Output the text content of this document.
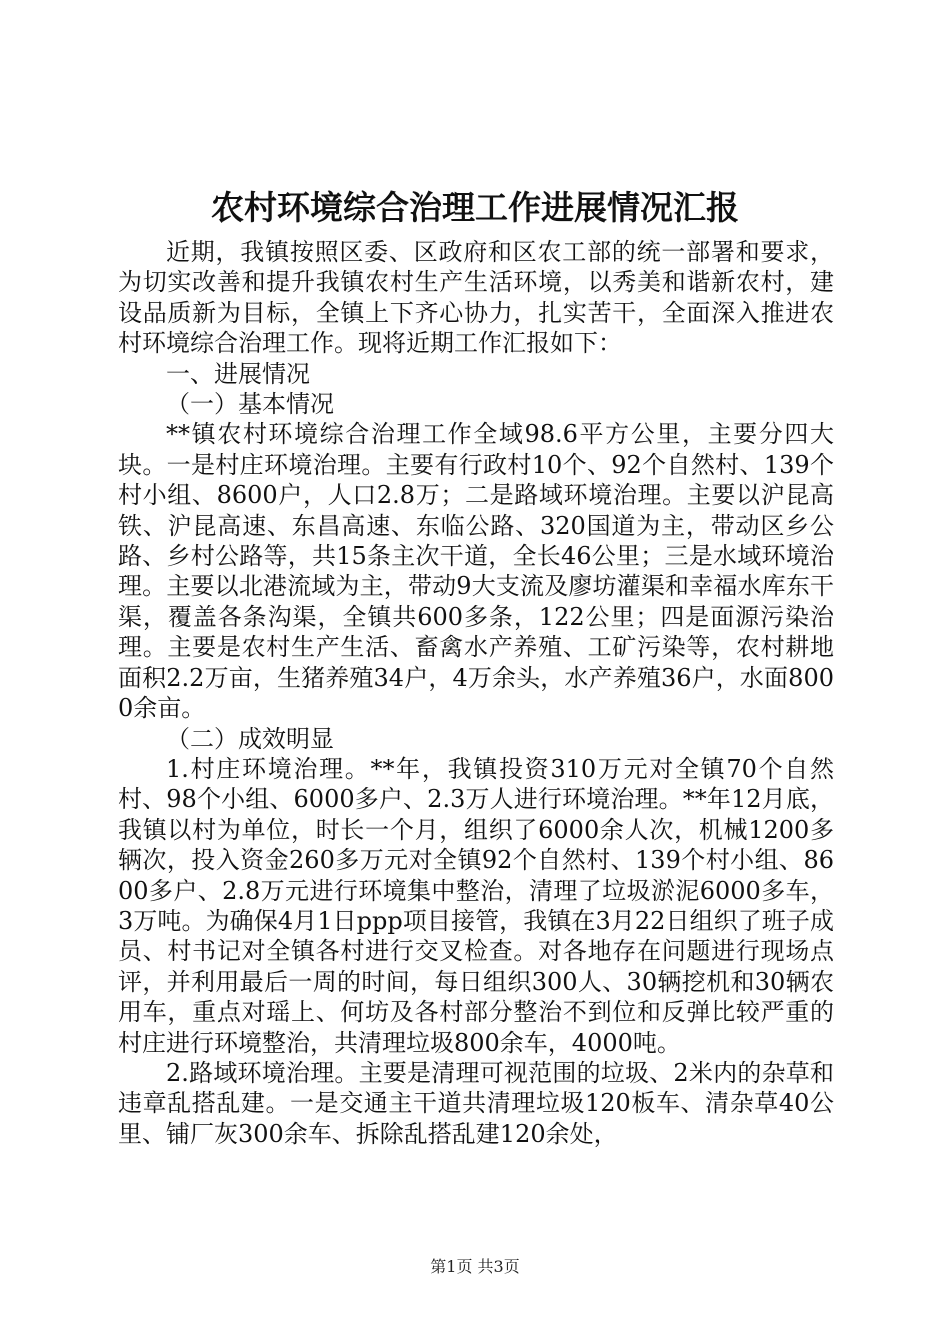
农村环境综合治理工作进展情况汇报

近期，我镇按照区委、区政府和区农工部的统一部署和要求，为切实改善和提升我镇农村生产生活环境，以秀美和谐新农村，建设品质新为目标，全镇上下齐心协力，扎实苦干，全面深入推进农村环境综合治理工作。现将近期工作汇报如下：

一、进展情况

（一）基本情况

**镇农村环境综合治理工作全域98.6平方公里，主要分四大块。一是村庄环境治理。主要有行政村10个、92个自然村、139个村小组、8600户，人口2.8万；二是路域环境治理。主要以沪昆高铁、沪昆高速、东昌高速、东临公路、320国道为主，带动区乡公路、乡村公路等，共15条主次干道，全长46公里；三是水域环境治理。主要以北港流域为主，带动9大支流及廖坊灌渠和幸福水库东干渠，覆盖各条沟渠，全镇共600多条，122公里；四是面源污染治理。主要是农村生产生活、畜禽水产养殖、工矿污染等，农村耕地面积2.2万亩，生猪养殖34户，4万余头，水产养殖36户，水面8000余亩。

（二）成效明显

1.村庄环境治理。**年，我镇投资310万元对全镇70个自然村、98个小组、6000多户、2.3万人进行环境治理。**年12月底，我镇以村为单位，时长一个月，组织了6000余人次，机械1200多辆次，投入资金260多万元对全镇92个自然村、139个村小组、8600多户、2.8万元进行环境集中整治，清理了垃圾淤泥6000多车，3万吨。为确保4月1日ppp项目接管，我镇在3月22日组织了班子成员、村书记对全镇各村进行交叉检查。对各地存在问题进行现场点评，并利用最后一周的时间，每日组织300人、30辆挖机和30辆农用车，重点对瑶上、何坊及各村部分整治不到位和反弹比较严重的村庄进行环境整治，共清理垃圾800余车，4000吨。

2.路域环境治理。主要是清理可视范围的垃圾、2米内的杂草和违章乱搭乱建。一是交通主干道共清理垃圾120板车、清杂草40公里、铺厂灰300余车、拆除乱搭乱建120余处，

第1页 共3页
